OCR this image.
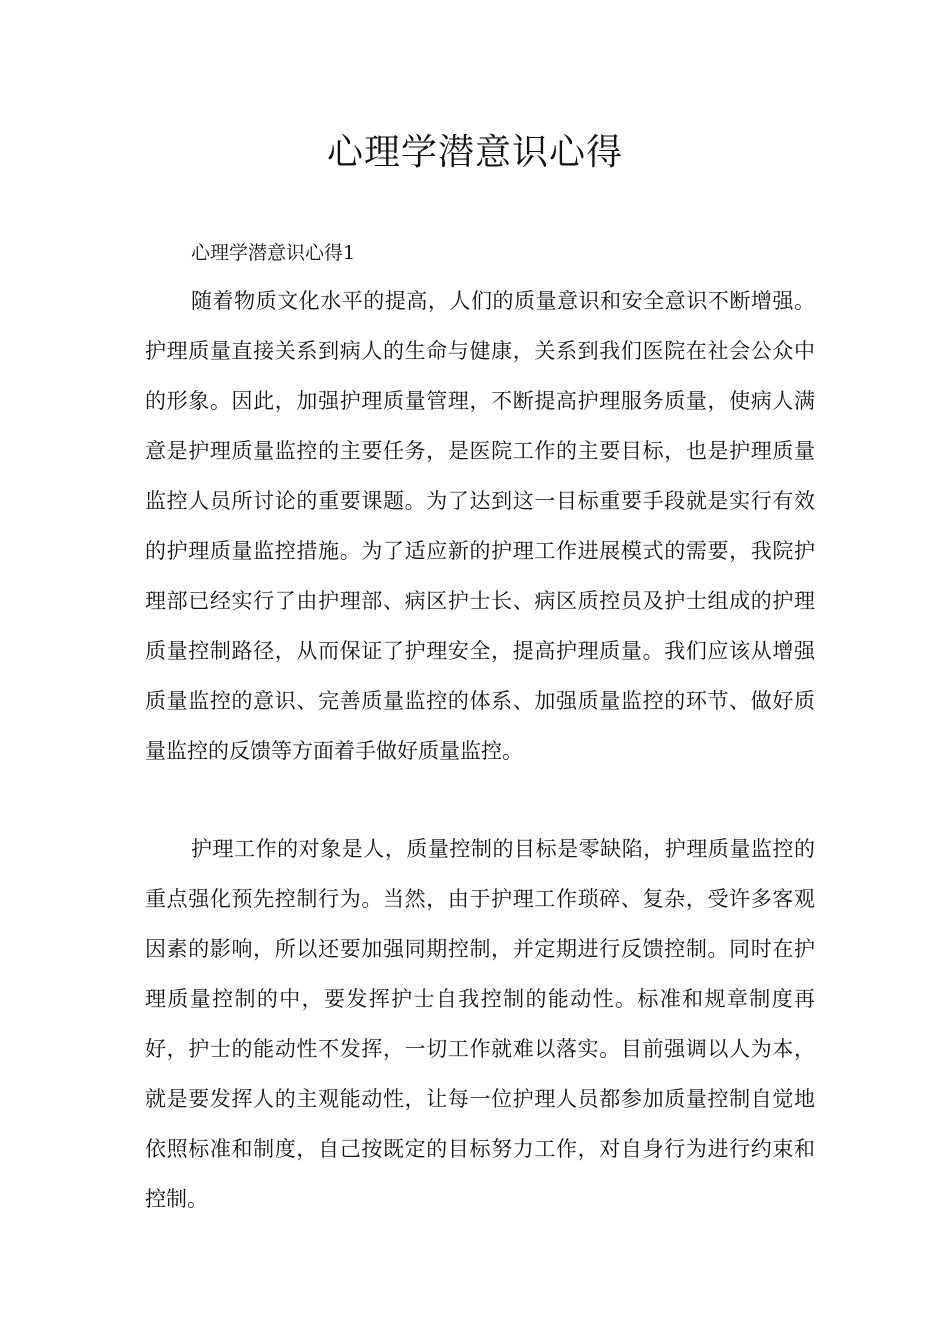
心理学潜意识心得

心理学潜意识心得1

随着物质文化水平的提高，人们的质量意识和安全意识不断增强。护理质量直接关系到病人的生命与健康，关系到我们医院在社会公众中的形象。因此，加强护理质量管理，不断提高护理服务质量，使病人满意是护理质量监控的主要任务，是医院工作的主要目标，也是护理质量监控人员所讨论的重要课题。为了达到这一目标重要手段就是实行有效的护理质量监控措施。为了适应新的护理工作进展模式的需要，我院护理部已经实行了由护理部、病区护士长、病区质控员及护士组成的护理质量控制路径，从而保证了护理安全，提高护理质量。我们应该从增强质量监控的意识、完善质量监控的体系、加强质量监控的环节、做好质量监控的反馈等方面着手做好质量监控。

护理工作的对象是人，质量控制的目标是零缺陷，护理质量监控的重点强化预先控制行为。当然，由于护理工作琐碎、复杂，受许多客观因素的影响，所以还要加强同期控制，并定期进行反馈控制。同时在护理质量控制的中，要发挥护士自我控制的能动性。标准和规章制度再好，护士的能动性不发挥，一切工作就难以落实。目前强调以人为本，就是要发挥人的主观能动性，让每一位护理人员都参加质量控制自觉地依照标准和制度，自己按既定的目标努力工作，对自身行为进行约束和控制。
